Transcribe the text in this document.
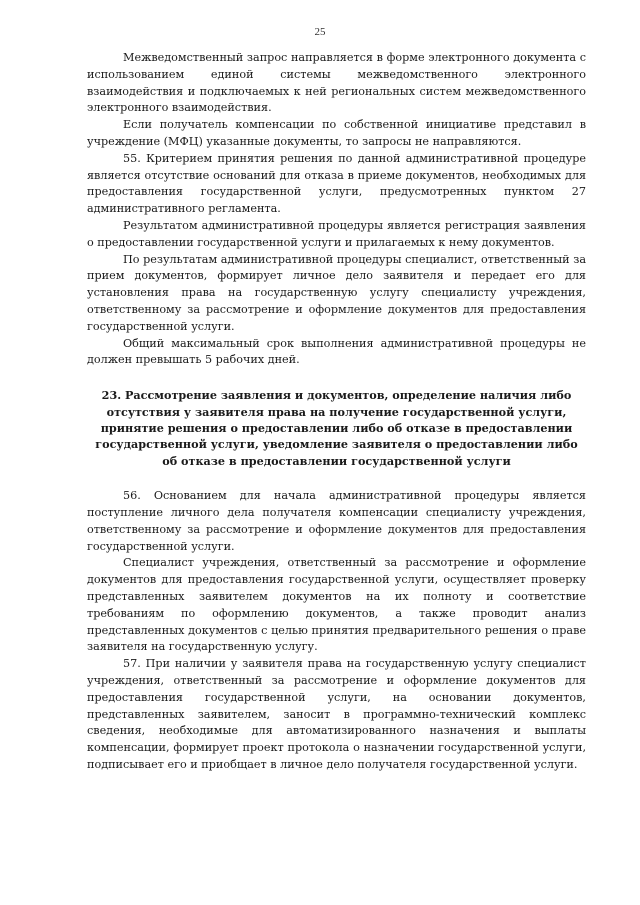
25

Межведомственный запрос направляется в форме электронного документа с использованием единой системы межведомственного электронного взаимодействия и подключаемых к ней региональных систем межведомственного электронного взаимодействия.

Если получатель компенсации по собственной инициативе представил в учреждение (МФЦ) указанные документы, то запросы не направляются.

55. Критерием принятия решения по данной административной процедуре является отсутствие оснований для отказа в приеме документов, необходимых для предоставления государственной услуги, предусмотренных пунктом 27 административного регламента.

Результатом административной процедуры является регистрация заявления о предоставлении государственной услуги и прилагаемых к нему документов.

По результатам административной процедуры специалист, ответственный за прием документов, формирует личное дело заявителя и передает его для установления права на государственную услугу специалисту учреждения, ответственному за рассмотрение и оформление документов для предоставления государственной услуги.

Общий максимальный срок выполнения административной процедуры не должен превышать 5 рабочих дней.

23. Рассмотрение заявления и документов, определение наличия либо отсутствия у заявителя права на получение государственной услуги, принятие решения о предоставлении либо об отказе в предоставлении государственной услуги, уведомление заявителя о предоставлении либо об отказе в предоставлении государственной услуги

56. Основанием для начала административной процедуры является поступление личного дела получателя компенсации специалисту учреждения, ответственному за рассмотрение и оформление документов для предоставления государственной услуги.

Специалист учреждения, ответственный за рассмотрение и оформление документов для предоставления государственной услуги, осуществляет проверку представленных заявителем документов на их полноту и соответствие требованиям по оформлению документов, а также проводит анализ представленных документов с целью принятия предварительного решения о праве заявителя на государственную услугу.

57. При наличии у заявителя права на государственную услугу специалист учреждения, ответственный за рассмотрение и оформление документов для предоставления государственной услуги, на основании документов, представленных заявителем, заносит в программно-технический комплекс сведения, необходимые для автоматизированного назначения и выплаты компенсации, формирует проект протокола о назначении государственной услуги, подписывает его и приобщает в личное дело получателя государственной услуги.
